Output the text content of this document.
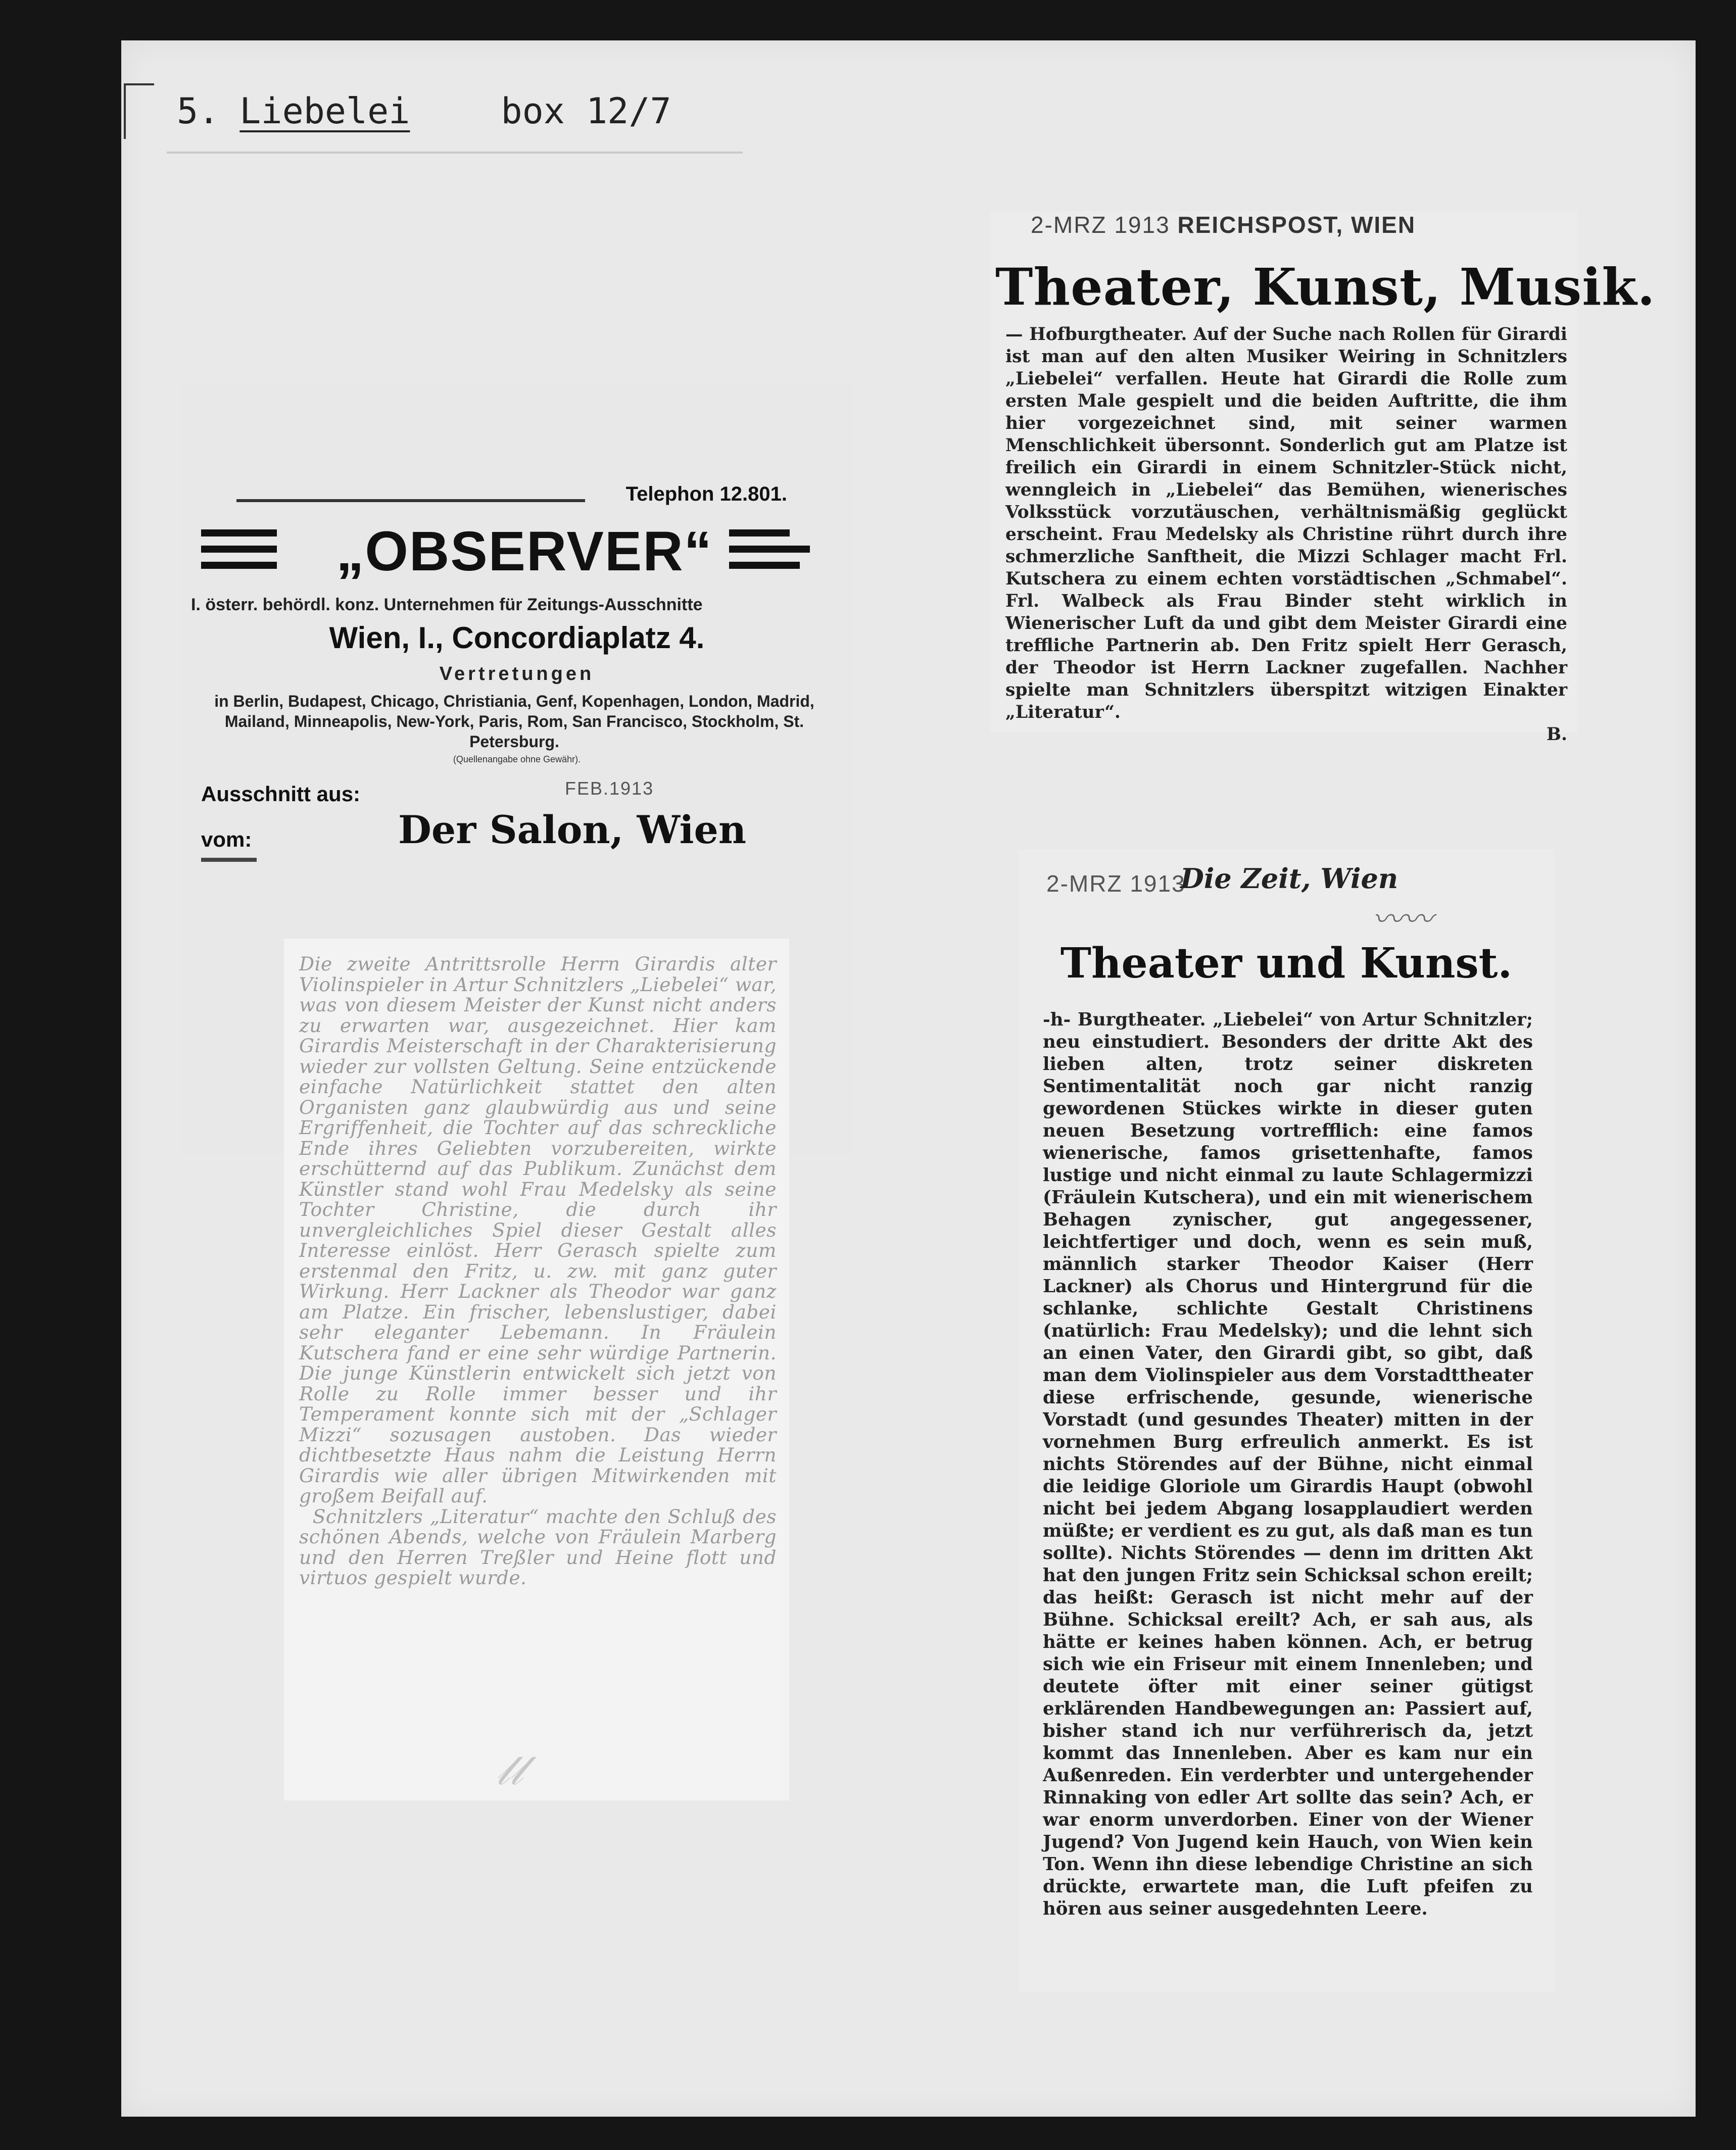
5. Liebelei	box 12/7
Telephon 12.801.
„OBSERVER“
I. österr. behördl. konz. Unternehmen für Zeitungs-Ausschnitte
Wien, I., Concordiaplatz 4.
Vertretungen
in Berlin, Budapest, Chicago, Christiania, Genf, Kopenhagen, London, Madrid, Mailand, Minneapolis, New-York, Paris, Rom, San Francisco, Stockholm, St. Petersburg.
(Quellenangabe ohne Gewähr).
Ausschnitt aus:	FEB.1913
vom:	Der Salon, Wien
Die zweite Antrittsrolle Herrn Girardis alter Violinspieler in Artur Schnitzlers „Liebelei“ war, was von diesem Meister der Kunst nicht anders zu erwarten war, ausgezeichnet. Hier kam Girardis Meisterschaft in der Charakterisierung wieder zur vollsten Geltung. Seine entzückende einfache Natürlichkeit stattet den alten Organisten ganz glaubwürdig aus und seine Ergriffenheit, die Tochter auf das schreckliche Ende ihres Geliebten vorzubereiten, wirkte erschütternd auf das Publikum. Zunächst dem Künstler stand wohl Frau Medelsky als seine Tochter Christine, die durch ihr unvergleichliches Spiel dieser Gestalt alles Interesse einlöst. Herr Gerasch spielte zum erstenmal den Fritz, u. zw. mit ganz guter Wirkung. Herr Lackner als Theodor war ganz am Platze. Ein frischer, lebenslustiger, dabei sehr eleganter Lebemann. In Fräulein Kutschera fand er eine sehr würdige Partnerin. Die junge Künstlerin entwickelt sich jetzt von Rolle zu Rolle immer besser und ihr Temperament konnte sich mit der „Schlager Mizzi“ sozusagen austoben. Das wieder dichtbesetzte Haus nahm die Leistung Herrn Girardis wie aller übrigen Mitwirkenden mit großem Beifall auf.
Schnitzlers „Literatur“ machte den Schluß des schönen Abends, welche von Fräulein Marberg und den Herren Treßler und Heine flott und virtuos gespielt wurde.
𝓁𝓁
2-MRZ 1913 REICHSPOST, WIEN
Theater, Kunst, Musik.
— Hofburgtheater. Auf der Suche nach Rollen für Girardi ist man auf den alten Musiker Weiring in Schnitzlers „Liebelei“ verfallen. Heute hat Girardi die Rolle zum ersten Male gespielt und die beiden Auftritte, die ihm hier vorgezeichnet sind, mit seiner warmen Menschlichkeit übersonnt. Sonderlich gut am Platze ist freilich ein Girardi in einem Schnitzler-Stück nicht, wenngleich in „Liebelei“ das Bemühen, wienerisches Volksstück vorzutäuschen, verhältnismäßig geglückt erscheint. Frau Medelsky als Christine rührt durch ihre schmerzliche Sanftheit, die Mizzi Schlager macht Frl. Kutschera zu einem echten vorstädtischen „Schmabel“. Frl. Walbeck als Frau Binder steht wirklich in Wienerischer Luft da und gibt dem Meister Girardi eine treffliche Partnerin ab. Den Fritz spielt Herr Gerasch, der Theodor ist Herrn Lackner zugefallen. Nachher spielte man Schnitzlers überspitzt witzigen Einakter „Literatur“.
B.
2-MRZ 1913
Die Zeit, Wien
〰〰
Theater und Kunst.
-h- Burgtheater. „Liebelei“ von Artur Schnitzler; neu einstudiert. Besonders der dritte Akt des lieben alten, trotz seiner diskreten Sentimentalität noch gar nicht ranzig gewordenen Stückes wirkte in dieser guten neuen Besetzung vortrefflich: eine famos wienerische, famos grisettenhafte, famos lustige und nicht einmal zu laute Schlagermizzi (Fräulein Kutschera), und ein mit wienerischem Behagen zynischer, gut angegessener, leichtfertiger und doch, wenn es sein muß, männlich starker Theodor Kaiser (Herr Lackner) als Chorus und Hintergrund für die schlanke, schlichte Gestalt Christinens (natürlich: Frau Medelsky); und die lehnt sich an einen Vater, den Girardi gibt, so gibt, daß man dem Violinspieler aus dem Vorstadttheater diese erfrischende, gesunde, wienerische Vorstadt (und gesundes Theater) mitten in der vornehmen Burg erfreulich anmerkt. Es ist nichts Störendes auf der Bühne, nicht einmal die leidige Gloriole um Girardis Haupt (obwohl nicht bei jedem Abgang losapplaudiert werden müßte; er verdient es zu gut, als daß man es tun sollte). Nichts Störendes — denn im dritten Akt hat den jungen Fritz sein Schicksal schon ereilt; das heißt: Gerasch ist nicht mehr auf der Bühne. Schicksal ereilt? Ach, er sah aus, als hätte er keines haben können. Ach, er betrug sich wie ein Friseur mit einem Innenleben; und deutete öfter mit einer seiner gütigst erklärenden Handbewegungen an: Passiert auf, bisher stand ich nur verführerisch da, jetzt kommt das Innenleben. Aber es kam nur ein Außenreden. Ein verderbter und untergehender Rinnaking von edler Art sollte das sein? Ach, er war enorm unverdorben. Einer von der Wiener Jugend? Von Jugend kein Hauch, von Wien kein Ton. Wenn ihn diese lebendige Christine an sich drückte, erwartete man, die Luft pfeifen zu hören aus seiner ausgedehnten Leere.
